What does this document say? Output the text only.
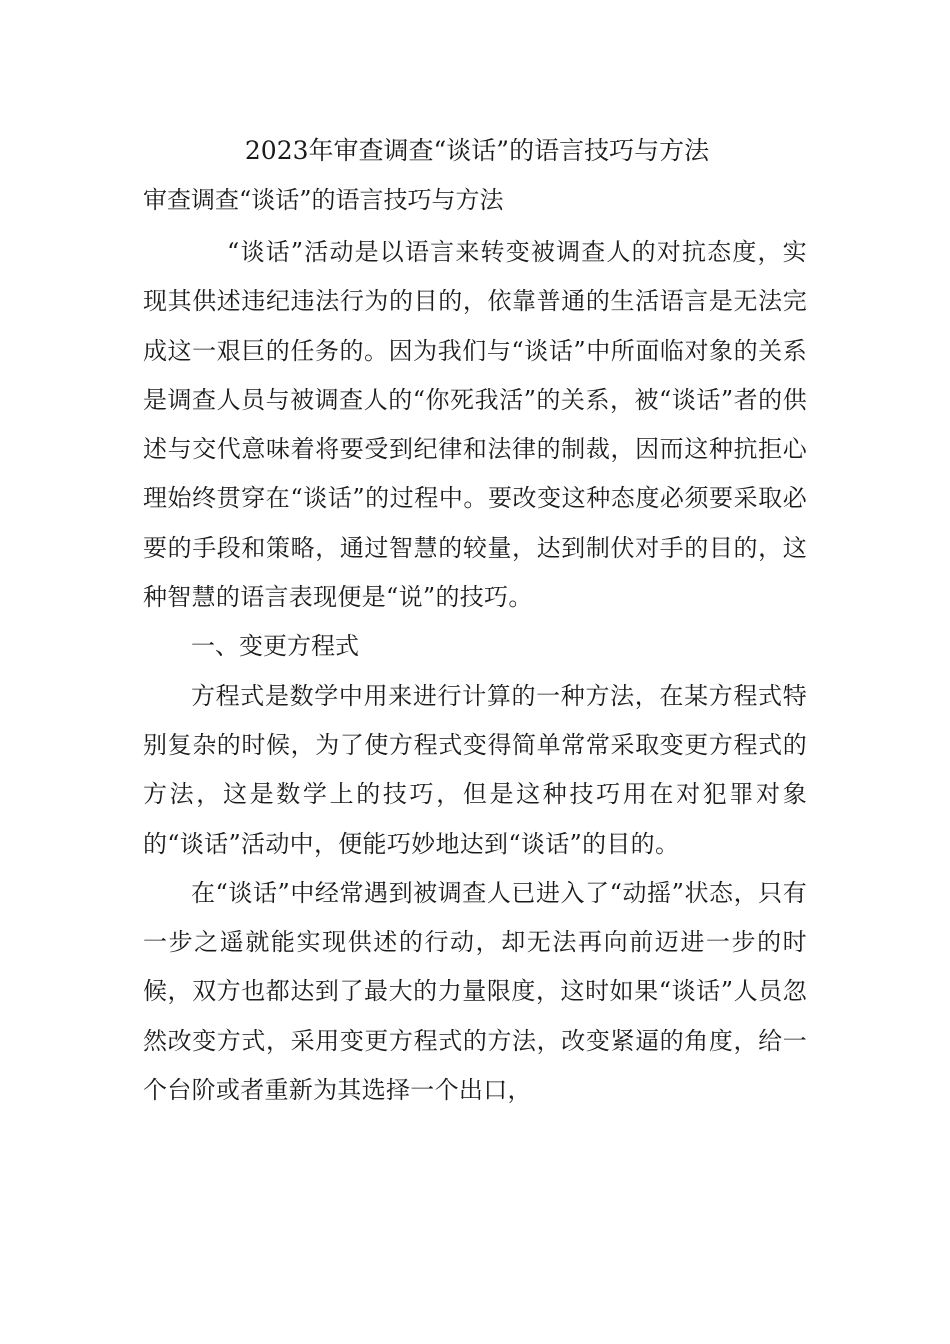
2023年审查调查“谈话”的语言技巧与方法

审查调查“谈话”的语言技巧与方法

“谈话”活动是以语言来转变被调查人的对抗态度，实现其供述违纪违法行为的目的，依靠普通的生活语言是无法完成这一艰巨的任务的。因为我们与“谈话”中所面临对象的关系是调查人员与被调查人的“你死我活”的关系，被“谈话”者的供述与交代意味着将要受到纪律和法律的制裁，因而这种抗拒心理始终贯穿在“谈话”的过程中。要改变这种态度必须要采取必要的手段和策略，通过智慧的较量，达到制伏对手的目的，这种智慧的语言表现便是“说”的技巧。

一、变更方程式

方程式是数学中用来进行计算的一种方法，在某方程式特别复杂的时候，为了使方程式变得简单常常采取变更方程式的方法，这是数学上的技巧，但是这种技巧用在对犯罪对象的“谈话”活动中，便能巧妙地达到“谈话”的目的。

在“谈话”中经常遇到被调查人已进入了“动摇”状态，只有一步之遥就能实现供述的行动，却无法再向前迈进一步的时候，双方也都达到了最大的力量限度，这时如果“谈话”人员忽然改变方式，采用变更方程式的方法，改变紧逼的角度，给一个台阶或者重新为其选择一个出口，
